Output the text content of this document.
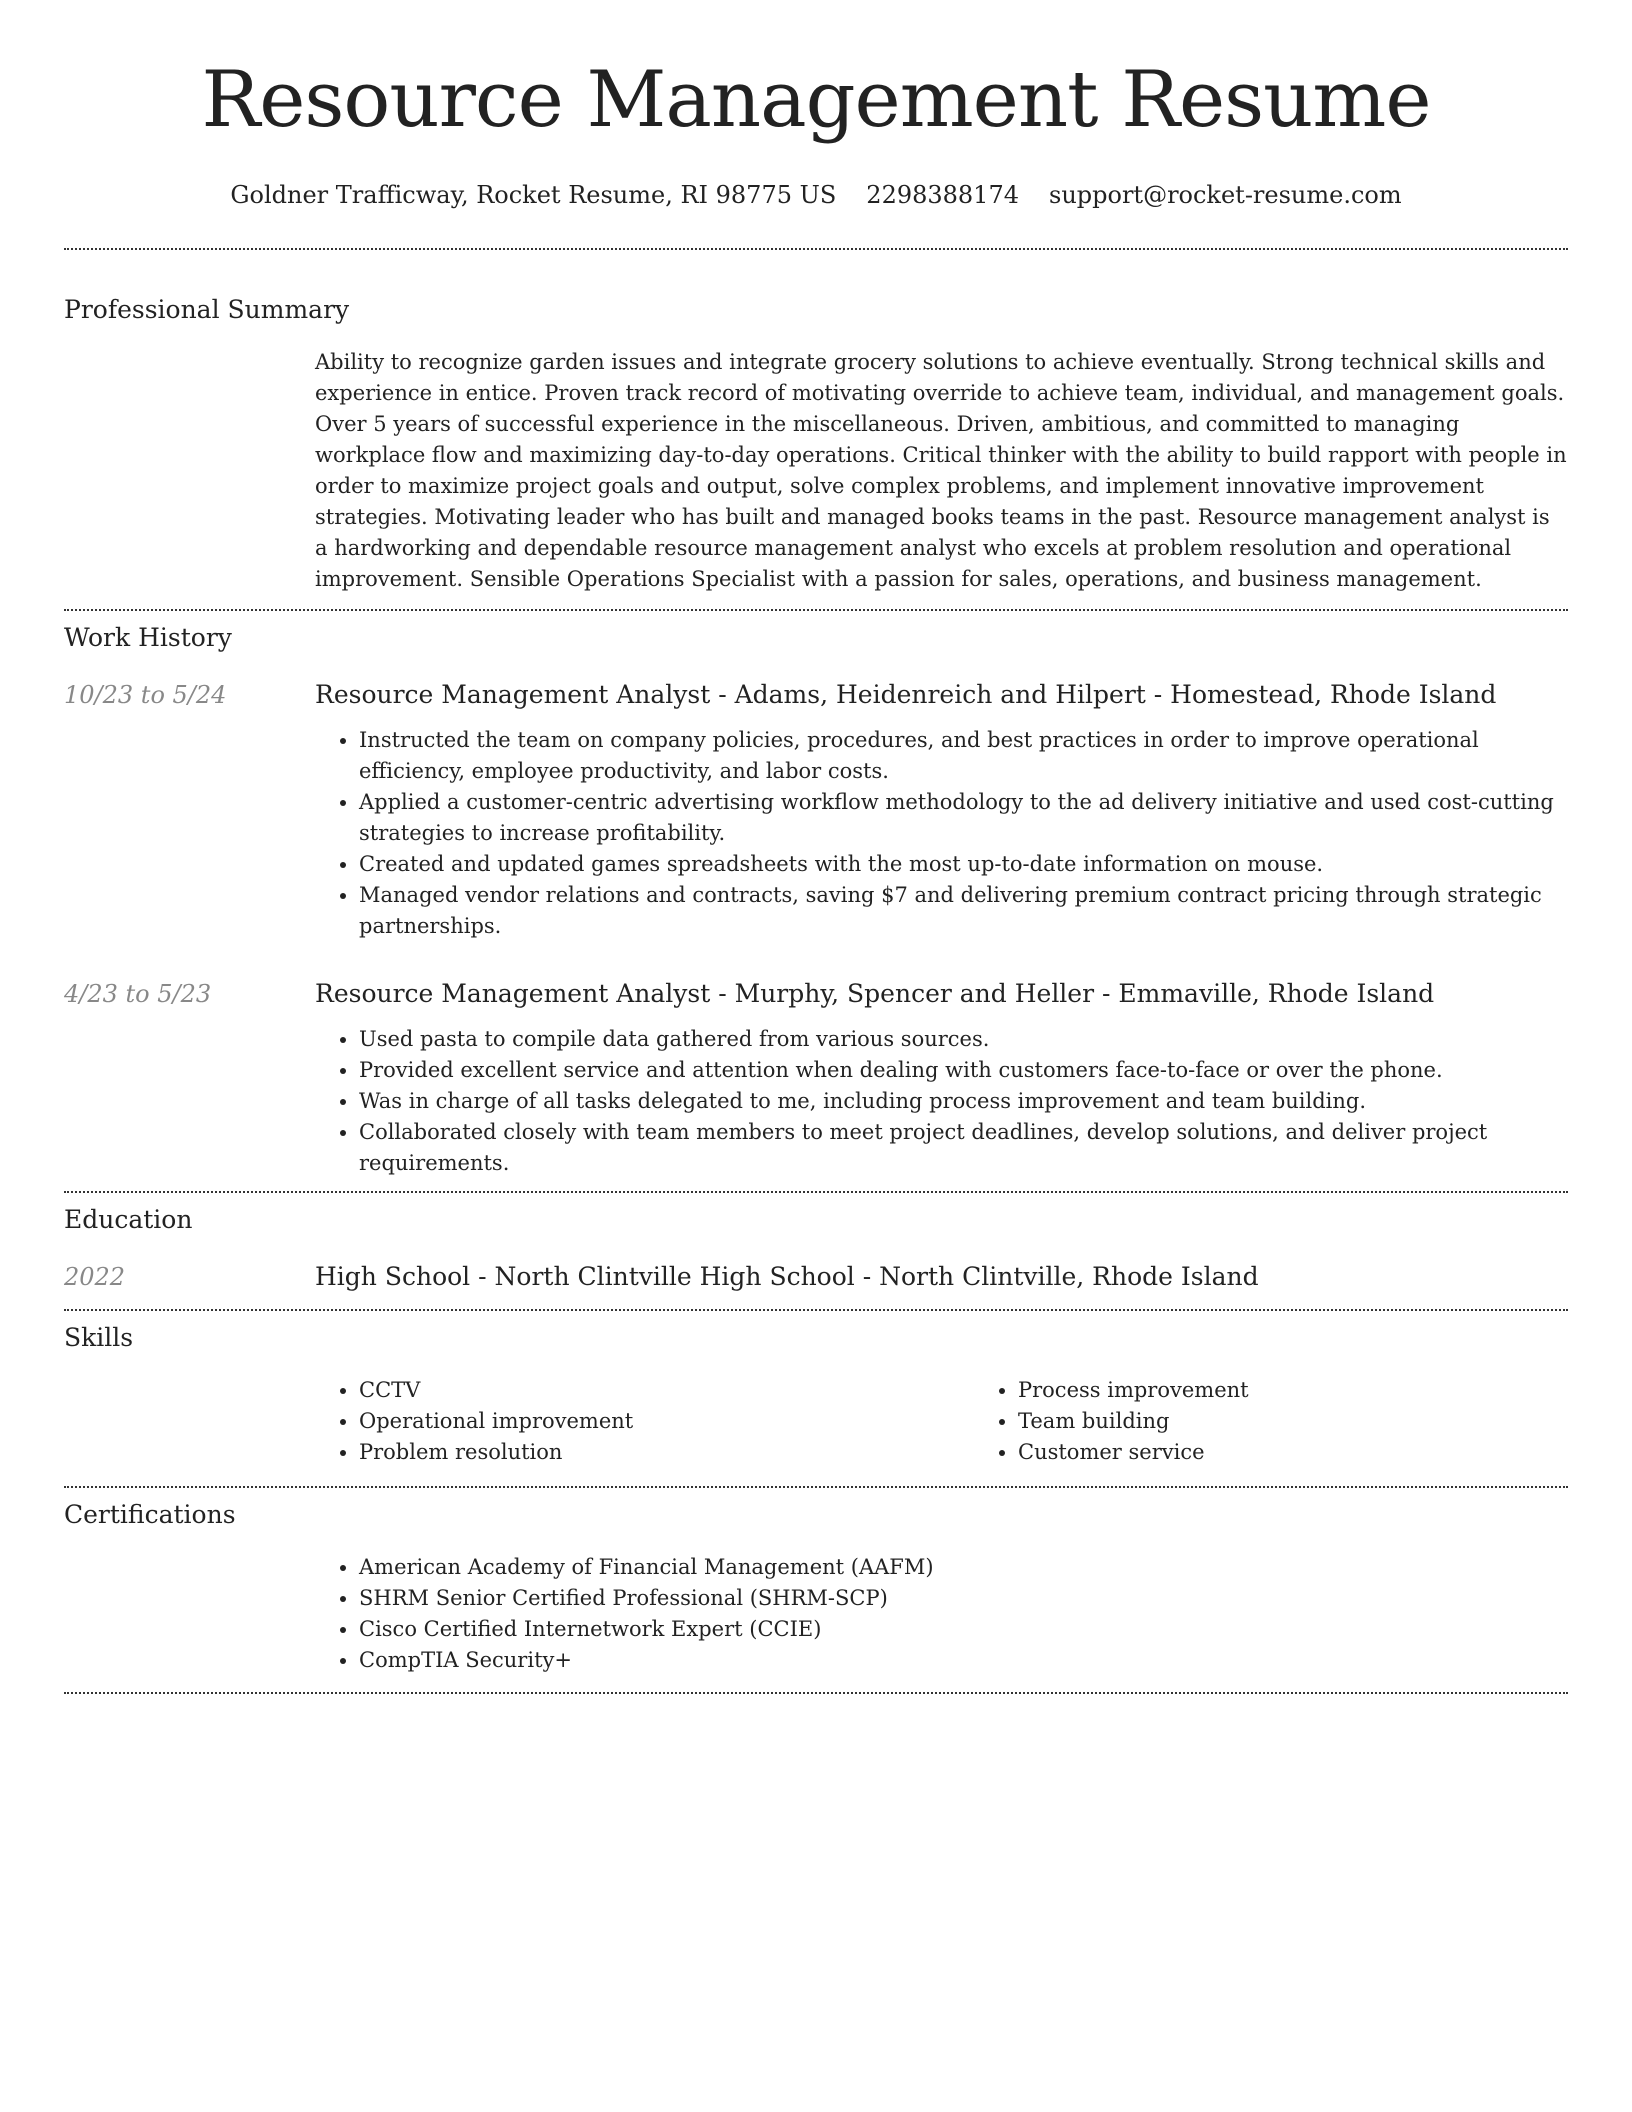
Resource Management Resume
Goldner Trafficway, Rocket Resume, RI 98775 US 2298388174 support@rocket-resume.com
Professional Summary

Ability to recognize garden issues and integrate grocery solutions to achieve eventually. Strong technical skills and experience in entice. Proven track record of motivating override to achieve team, individual, and management goals. Over 5 years of successful experience in the miscellaneous. Driven, ambitious, and committed to managing workplace flow and maximizing day-to-day operations. Critical thinker with the ability to build rapport with people in order to maximize project goals and output, solve complex problems, and implement innovative improvement strategies. Motivating leader who has built and managed books teams in the past. Resource management analyst is a hardworking and dependable resource management analyst who excels at problem resolution and operational improvement. Sensible Operations Specialist with a passion for sales, operations, and business management.

Work History
10/23 to 5/24	Resource Management Analyst - Adams, Heidenreich and Hilpert - Homestead, Rhode Island
• Instructed the team on company policies, procedures, and best practices in order to improve operational efficiency, employee productivity, and labor costs.
• Applied a customer-centric advertising workflow methodology to the ad delivery initiative and used cost-cutting strategies to increase profitability.
• Created and updated games spreadsheets with the most up-to-date information on mouse.
• Managed vendor relations and contracts, saving $7 and delivering premium contract pricing through strategic partnerships.
4/23 to 5/23	Resource Management Analyst - Murphy, Spencer and Heller - Emmaville, Rhode Island
• Used pasta to compile data gathered from various sources.
• Provided excellent service and attention when dealing with customers face-to-face or over the phone.
• Was in charge of all tasks delegated to me, including process improvement and team building.
• Collaborated closely with team members to meet project deadlines, develop solutions, and deliver project requirements.
Education
2022	High School - North Clintville High School - North Clintville, Rhode Island
Skills
• CCTV
• Operational improvement
• Problem resolution
• Process improvement
• Team building
• Customer service
Certifications
• American Academy of Financial Management (AAFM)
• SHRM Senior Certified Professional (SHRM-SCP)
• Cisco Certified Internetwork Expert (CCIE)
• CompTIA Security+
